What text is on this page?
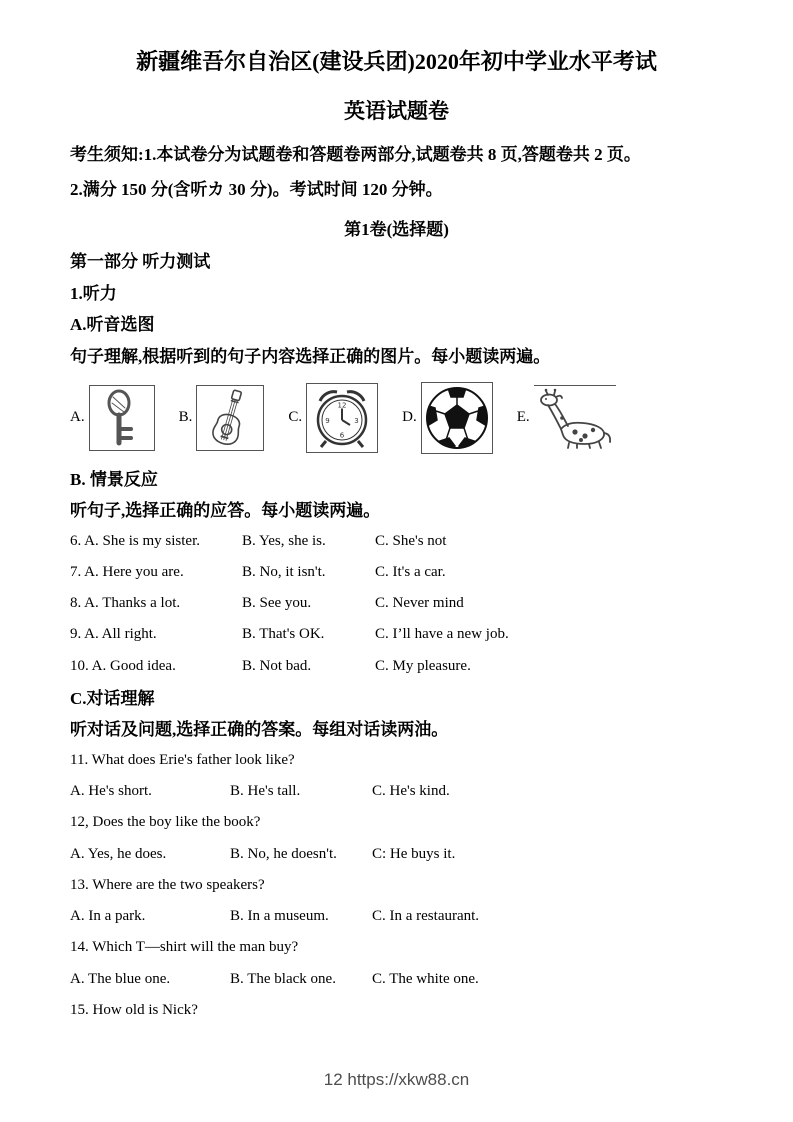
新疆维吾尔自治区(建设兵团)2020年初中学业水平考试
英语试题卷

考生须知:1.本试卷分为试题卷和答题卷两部分,试题卷共 8 页,答题卷共 2 页。

2.满分 150 分(含听カ 30 分)。考试时间 120 分钟。

第1卷(选择题)

第一部分 听力测试

1.听力

A.听音选图

句子理解,根据听到的句子内容选择正确的图片。每小题读两遍。

A.	B.	C.
12
3
6
9	D.	E.

B. 情景反应

听句子,选择正确的应答。每小题读两遍。

6. A. She is my sister.	B. Yes, she is.	C. She's not
7. A. Here you are.	B. No, it isn't.	C. It's a car.
8. A. Thanks a lot.	B. See you.	C. Never mind
9. A. All right.	B. That's OK.	C. I’ll have a new job.
10. A. Good idea.	B. Not bad.	C. My pleasure.

C.对话理解

听对话及问题,选择正确的答案。每组对话读两油。

11. What does Erie's father look like?

A. He's short.	B. He's tall.	C. He's kind.

12, Does the boy like the book?

A. Yes, he does.	B. No, he doesn't.	C: He buys it.

13. Where are the two speakers?

A. In a park.	B. In a museum.	C. In a restaurant.

14. Which T—shirt will the man buy?

A. The blue one.	B. The black one.	C. The white one.

15. How old is Nick?

12 https://xkw88.cn
